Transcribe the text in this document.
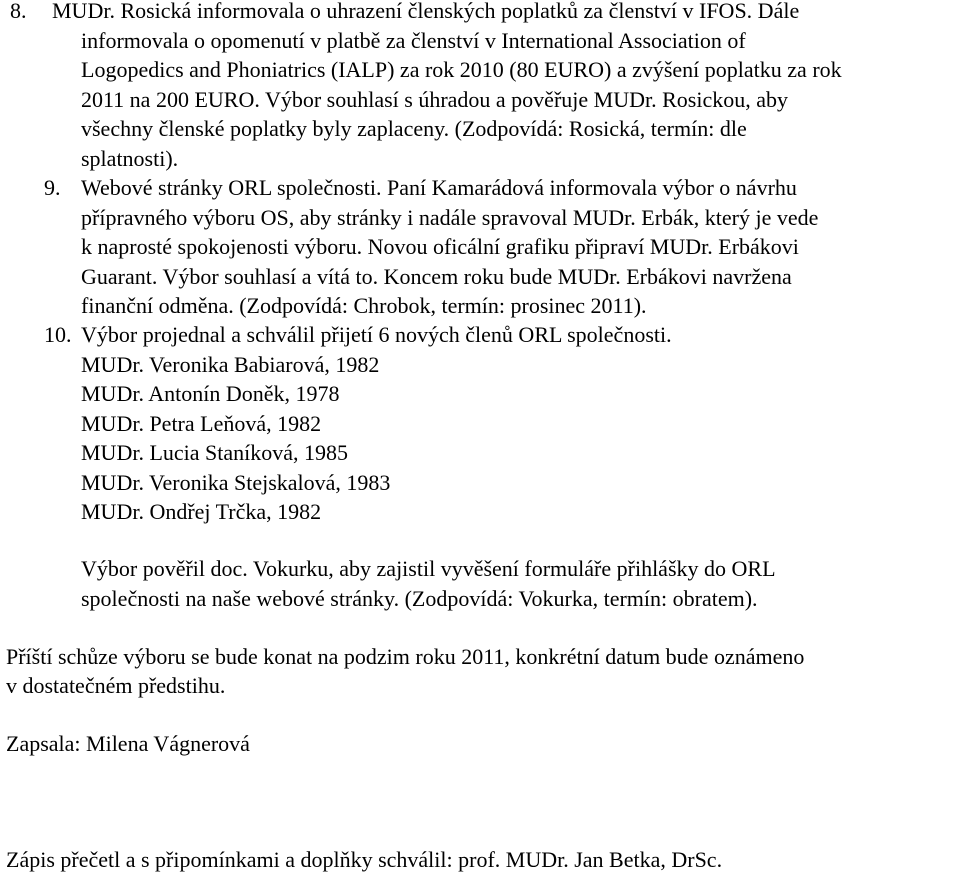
8. MUDr. Rosická informovala o uhrazení členských poplatků za členství v IFOS. Dále
informovala o opomenutí v platbě za členství v International Association of
Logopedics and Phoniatrics (IALP) za rok 2010 (80 EURO) a zvýšení poplatku za rok
2011 na 200 EURO. Výbor souhlasí s úhradou a pověřuje MUDr. Rosickou, aby
všechny členské poplatky byly zaplaceny. (Zodpovídá: Rosická, termín: dle
splatnosti).
9. Webové stránky ORL společnosti. Paní Kamarádová informovala výbor o návrhu
přípravného výboru OS, aby stránky i nadále spravoval MUDr. Erbák, který je vede
k naprosté spokojenosti výboru. Novou oficální grafiku připraví MUDr. Erbákovi
Guarant. Výbor souhlasí a vítá to. Koncem roku bude MUDr. Erbákovi navržena
finanční odměna. (Zodpovídá: Chrobok, termín: prosinec 2011).
10. Výbor projednal a schválil přijetí 6 nových členů ORL společnosti.
MUDr. Veronika Babiarová, 1982
MUDr. Antonín Doněk, 1978
MUDr. Petra Leňová, 1982
MUDr. Lucia Staníková, 1985
MUDr. Veronika Stejskalová, 1983
MUDr. Ondřej Trčka, 1982
Výbor pověřil doc. Vokurku, aby zajistil vyvěšení formuláře přihlášky do ORL
společnosti na naše webové stránky. (Zodpovídá: Vokurka, termín: obratem).
Příští schůze výboru se bude konat na podzim roku 2011, konkrétní datum bude oznámeno
v dostatečném předstihu.
Zapsala: Milena Vágnerová
Zápis přečetl a s připomínkami a doplňky schválil: prof. MUDr. Jan Betka, DrSc.
